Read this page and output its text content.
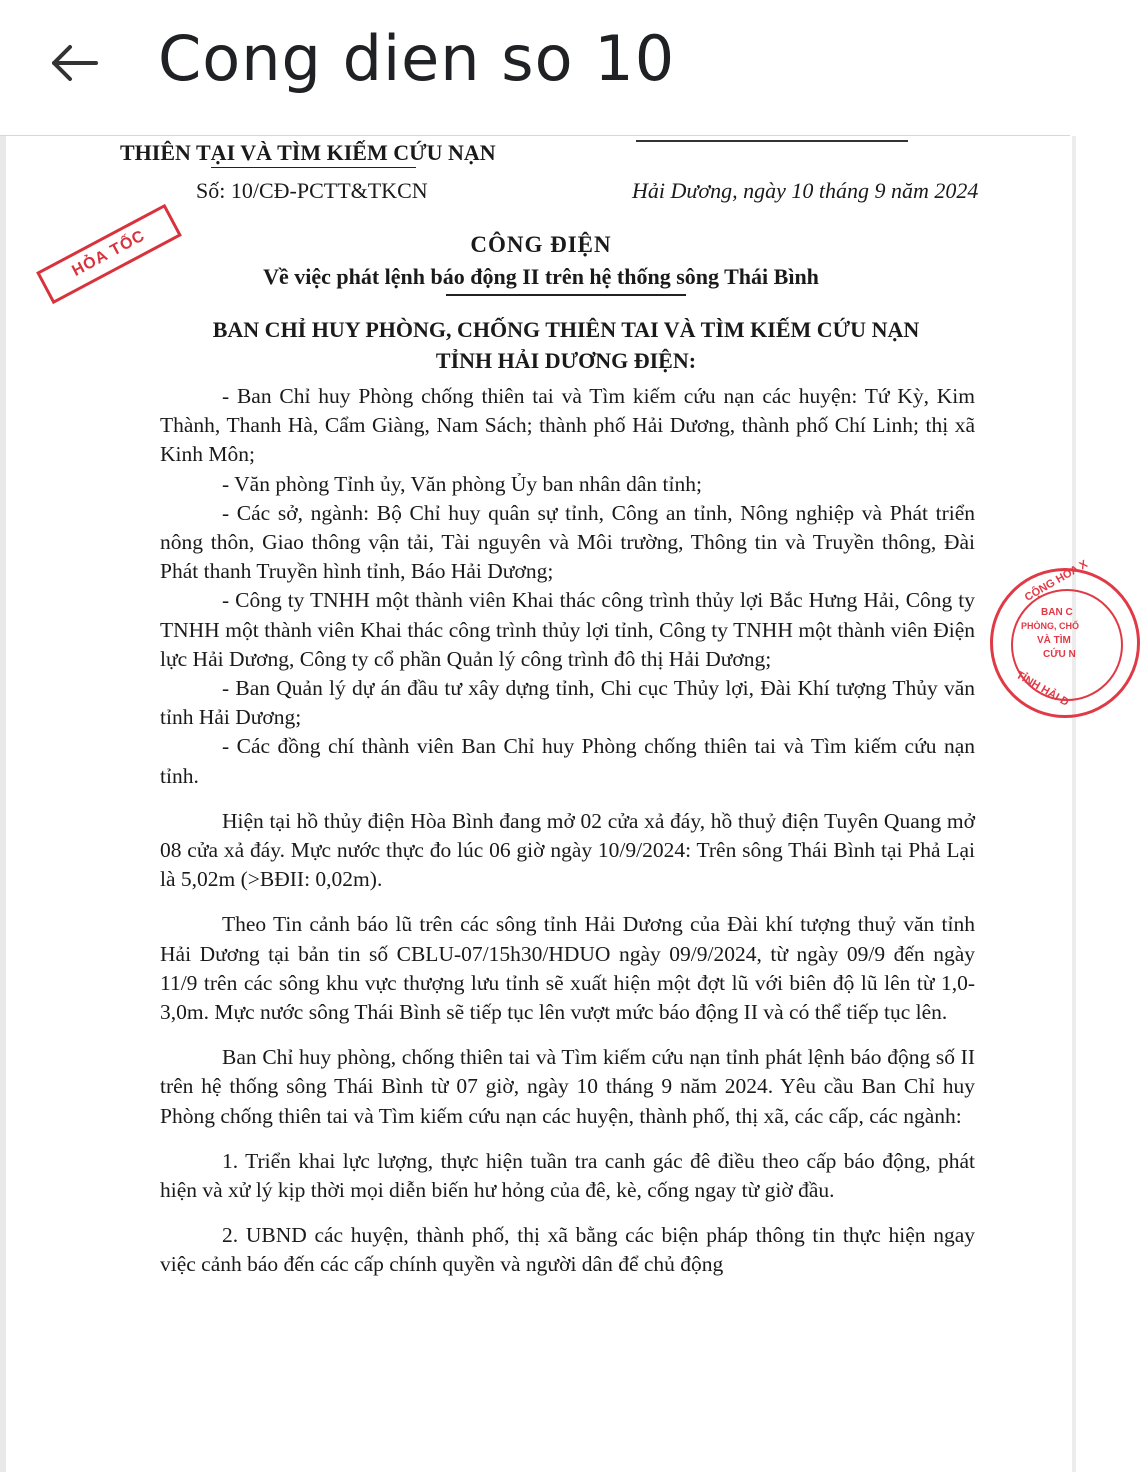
Cong dien so 10
THIÊN TẠI VÀ TÌM KIẾM CỨU NẠN
Số: 10/CĐ-PCTT&TKCN	Hải Dương, ngày 10 tháng 9 năm 2024
HỎA TỐC	CÔNG ĐIỆN
Về việc phát lệnh báo động II trên hệ thống sông Thái Bình
BAN CHỈ HUY PHÒNG, CHỐNG THIÊN TAI VÀ TÌM KIẾM CỨU NẠN
TỈNH HẢI DƯƠNG ĐIỆN:

- Ban Chỉ huy Phòng chống thiên tai và Tìm kiếm cứu nạn các huyện: Tứ Kỳ, Kim Thành, Thanh Hà, Cẩm Giàng, Nam Sách; thành phố Hải Dương, thành phố Chí Linh; thị xã Kinh Môn;

- Văn phòng Tỉnh ủy, Văn phòng Ủy ban nhân dân tỉnh;

- Các sở, ngành: Bộ Chỉ huy quân sự tỉnh, Công an tỉnh, Nông nghiệp và Phát triển nông thôn, Giao thông vận tải, Tài nguyên và Môi trường, Thông tin và Truyền thông, Đài Phát thanh Truyền hình tỉnh, Báo Hải Dương;

- Công ty TNHH một thành viên Khai thác công trình thủy lợi Bắc Hưng Hải, Công ty TNHH một thành viên Khai thác công trình thủy lợi tỉnh, Công ty TNHH một thành viên Điện lực Hải Dương, Công ty cổ phần Quản lý công trình đô thị Hải Dương;

- Ban Quản lý dự án đầu tư xây dựng tỉnh, Chi cục Thủy lợi, Đài Khí tượng Thủy văn tỉnh Hải Dương;

- Các đồng chí thành viên Ban Chỉ huy Phòng chống thiên tai và Tìm kiếm cứu nạn tỉnh.

Hiện tại hồ thủy điện Hòa Bình đang mở 02 cửa xả đáy, hồ thuỷ điện Tuyên Quang mở 08 cửa xả đáy. Mực nước thực đo lúc 06 giờ ngày 10/9/2024: Trên sông Thái Bình tại Phả Lại là 5,02m (>BĐII: 0,02m).

Theo Tin cảnh báo lũ trên các sông tỉnh Hải Dương của Đài khí tượng thuỷ văn tỉnh Hải Dương tại bản tin số CBLU-07/15h30/HDUO ngày 09/9/2024, từ ngày 09/9 đến ngày 11/9 trên các sông khu vực thượng lưu tỉnh sẽ xuất hiện một đợt lũ với biên độ lũ lên từ 1,0-3,0m. Mực nước sông Thái Bình sẽ tiếp tục lên vượt mức báo động II và có thể tiếp tục lên.

Ban Chỉ huy phòng, chống thiên tai và Tìm kiếm cứu nạn tỉnh phát lệnh báo động số II trên hệ thống sông Thái Bình từ 07 giờ, ngày 10 tháng 9 năm 2024. Yêu cầu Ban Chỉ huy Phòng chống thiên tai và Tìm kiếm cứu nạn các huyện, thành phố, thị xã, các cấp, các ngành:

1. Triển khai lực lượng, thực hiện tuần tra canh gác đê điều theo cấp báo động, phát hiện và xử lý kịp thời mọi diễn biến hư hỏng của đê, kè, cống ngay từ giờ đầu.

2. UBND các huyện, thành phố, thị xã bằng các biện pháp thông tin thực hiện ngay việc cảnh báo đến các cấp chính quyền và người dân để chủ động

CỘNG HÒA X
BAN C
PHÒNG, CHỐ
VÀ TÌM
CỨU N
TỈNH HẢI D
